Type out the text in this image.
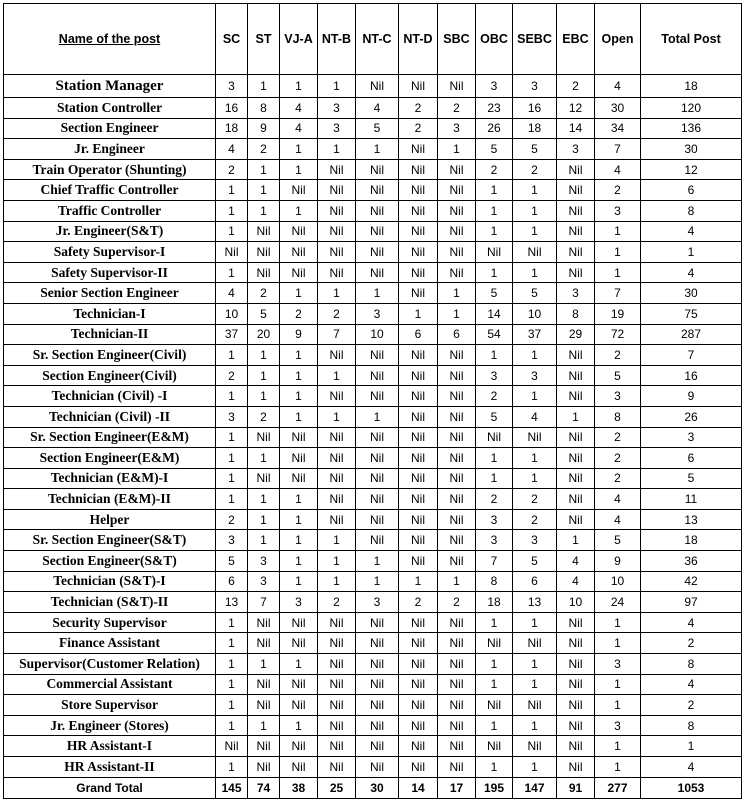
Name of the post	SC	ST	VJ-A	NT-B	NT-C	NT-D	SBC	OBC	SEBC	EBC	Open	Total Post
Station Manager	3	1	1	1	Nil	Nil	Nil	3	3	2	4	18
Station Controller	16	8	4	3	4	2	2	23	16	12	30	120
Section Engineer	18	9	4	3	5	2	3	26	18	14	34	136
Jr. Engineer	4	2	1	1	1	Nil	1	5	5	3	7	30
Train Operator (Shunting)	2	1	1	Nil	Nil	Nil	Nil	2	2	Nil	4	12
Chief Traffic Controller	1	1	Nil	Nil	Nil	Nil	Nil	1	1	Nil	2	6
Traffic Controller	1	1	1	Nil	Nil	Nil	Nil	1	1	Nil	3	8
Jr. Engineer(S&T)	1	Nil	Nil	Nil	Nil	Nil	Nil	1	1	Nil	1	4
Safety Supervisor-I	Nil	Nil	Nil	Nil	Nil	Nil	Nil	Nil	Nil	Nil	1	1
Safety Supervisor-II	1	Nil	Nil	Nil	Nil	Nil	Nil	1	1	Nil	1	4
Senior Section Engineer	4	2	1	1	1	Nil	1	5	5	3	7	30
Technician-I	10	5	2	2	3	1	1	14	10	8	19	75
Technician-II	37	20	9	7	10	6	6	54	37	29	72	287
Sr. Section Engineer(Civil)	1	1	1	Nil	Nil	Nil	Nil	1	1	Nil	2	7
Section Engineer(Civil)	2	1	1	1	Nil	Nil	Nil	3	3	Nil	5	16
Technician (Civil) -I	1	1	1	Nil	Nil	Nil	Nil	2	1	Nil	3	9
Technician (Civil) -II	3	2	1	1	1	Nil	Nil	5	4	1	8	26
Sr. Section Engineer(E&M)	1	Nil	Nil	Nil	Nil	Nil	Nil	Nil	Nil	Nil	2	3
Section Engineer(E&M)	1	1	Nil	Nil	Nil	Nil	Nil	1	1	Nil	2	6
Technician (E&M)-I	1	Nil	Nil	Nil	Nil	Nil	Nil	1	1	Nil	2	5
Technician (E&M)-II	1	1	1	Nil	Nil	Nil	Nil	2	2	Nil	4	11
Helper	2	1	1	Nil	Nil	Nil	Nil	3	2	Nil	4	13
Sr. Section Engineer(S&T)	3	1	1	1	Nil	Nil	Nil	3	3	1	5	18
Section Engineer(S&T)	5	3	1	1	1	Nil	Nil	7	5	4	9	36
Technician (S&T)-I	6	3	1	1	1	1	1	8	6	4	10	42
Technician (S&T)-II	13	7	3	2	3	2	2	18	13	10	24	97
Security Supervisor	1	Nil	Nil	Nil	Nil	Nil	Nil	1	1	Nil	1	4
Finance Assistant	1	Nil	Nil	Nil	Nil	Nil	Nil	Nil	Nil	Nil	1	2
Supervisor(Customer Relation)	1	1	1	Nil	Nil	Nil	Nil	1	1	Nil	3	8
Commercial Assistant	1	Nil	Nil	Nil	Nil	Nil	Nil	1	1	Nil	1	4
Store Supervisor	1	Nil	Nil	Nil	Nil	Nil	Nil	Nil	Nil	Nil	1	2
Jr. Engineer (Stores)	1	1	1	Nil	Nil	Nil	Nil	1	1	Nil	3	8
HR Assistant-I	Nil	Nil	Nil	Nil	Nil	Nil	Nil	Nil	Nil	Nil	1	1
HR Assistant-II	1	Nil	Nil	Nil	Nil	Nil	Nil	1	1	Nil	1	4
Grand Total	145	74	38	25	30	14	17	195	147	91	277	1053
